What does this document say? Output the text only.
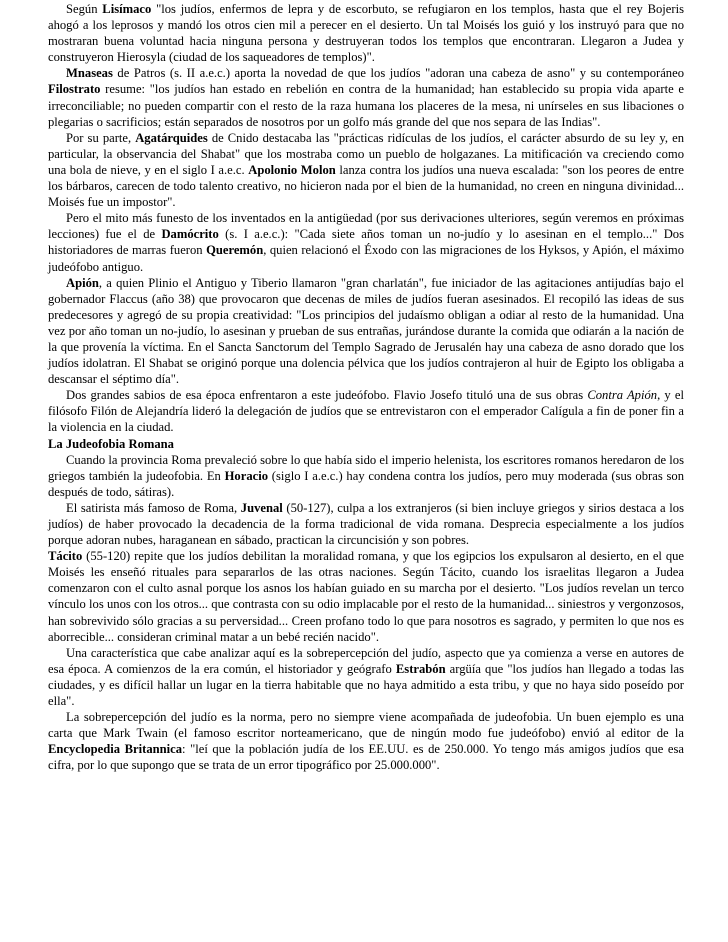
Según Lisímaco "los judíos, enfermos de lepra y de escorbuto, se refugiaron en los templos, hasta que el rey Bojeris ahogó a los leprosos y mandó los otros cien mil a perecer en el desierto. Un tal Moisés los guió y los instruyó para que no mostraran buena voluntad hacia ninguna persona y destruyeran todos los templos que encontraran. Llegaron a Judea y construyeron Hierosyla (ciudad de los saqueadores de templos)".

Mnaseas de Patros (s. II a.e.c.) aporta la novedad de que los judíos "adoran una cabeza de asno" y su contemporáneo Filostrato resume: "los judíos han estado en rebelión en contra de la humanidad; han establecido su propia vida aparte e irreconciliable; no pueden compartir con el resto de la raza humana los placeres de la mesa, ni unírseles en sus libaciones o plegarias o sacrificios; están separados de nosotros por un golfo más grande del que nos separa de las Indias".

Por su parte, Agatárquides de Cnido destacaba las "prácticas ridículas de los judíos, el carácter absurdo de su ley y, en particular, la observancia del Shabat" que los mostraba como un pueblo de holgazanes. La mitificación va creciendo como una bola de nieve, y en el siglo I a.e.c. Apolonio Molon lanza contra los judíos una nueva escalada: "son los peores de entre los bárbaros, carecen de todo talento creativo, no hicieron nada por el bien de la humanidad, no creen en ninguna divinidad... Moisés fue un impostor".

Pero el mito más funesto de los inventados en la antigüedad (por sus derivaciones ulteriores, según veremos en próximas lecciones) fue el de Damócrito (s. I a.e.c.): "Cada siete años toman un no-judío y lo asesinan en el templo..." Dos historiadores de marras fueron Queremón, quien relacionó el Éxodo con las migraciones de los Hyksos, y Apión, el máximo judeófobo antiguo.

Apión, a quien Plinio el Antiguo y Tiberio llamaron "gran charlatán", fue iniciador de las agitaciones antijudías bajo el gobernador Flaccus (año 38) que provocaron que decenas de miles de judíos fueran asesinados. El recopiló las ideas de sus predecesores y agregó de su propia creatividad: "Los principios del judaísmo obligan a odiar al resto de la humanidad. Una vez por año toman un no-judío, lo asesinan y prueban de sus entrañas, jurándose durante la comida que odiarán a la nación de la que provenía la víctima. En el Sancta Sanctorum del Templo Sagrado de Jerusalén hay una cabeza de asno dorado que los judíos idolatran. El Shabat se originó porque una dolencia pélvica que los judíos contrajeron al huir de Egipto los obligaba a descansar el séptimo día".

Dos grandes sabios de esa época enfrentaron a este judeófobo. Flavio Josefo tituló una de sus obras Contra Apión, y el filósofo Filón de Alejandría lideró la delegación de judíos que se entrevistaron con el emperador Calígula a fin de poner fin a la violencia en la ciudad.

La Judeofobia Romana

Cuando la provincia Roma prevaleció sobre lo que había sido el imperio helenista, los escritores romanos heredaron de los griegos también la judeofobia. En Horacio (siglo I a.e.c.) hay condena contra los judíos, pero muy moderada (sus obras son después de todo, sátiras).

El satirista más famoso de Roma, Juvenal (50-127), culpa a los extranjeros (si bien incluye griegos y sirios destaca a los judíos) de haber provocado la decadencia de la forma tradicional de vida romana. Desprecia especialmente a los judíos porque adoran nubes, haraganean en sábado, practican la circuncisión y son pobres.

Tácito (55-120) repite que los judíos debilitan la moralidad romana, y que los egipcios los expulsaron al desierto, en el que Moisés les enseñó rituales para separarlos de las otras naciones. Según Tácito, cuando los israelitas llegaron a Judea comenzaron con el culto asnal porque los asnos los habían guiado en su marcha por el desierto. "Los judíos revelan un terco vínculo los unos con los otros... que contrasta con su odio implacable por el resto de la humanidad... siniestros y vergonzosos, han sobrevivido sólo gracias a su perversidad... Creen profano todo lo que para nosotros es sagrado, y permiten lo que nos es aborrecible... consideran criminal matar a un bebé recién nacido".

Una característica que cabe analizar aquí es la sobrepercepción del judío, aspecto que ya comienza a verse en autores de esa época. A comienzos de la era común, el historiador y geógrafo Estrabón argüía que "los judíos han llegado a todas las ciudades, y es difícil hallar un lugar en la tierra habitable que no haya admitido a esta tribu, y que no haya sido poseído por ella".

La sobrepercepción del judío es la norma, pero no siempre viene acompañada de judeofobia. Un buen ejemplo es una carta que Mark Twain (el famoso escritor norteamericano, que de ningún modo fue judeófobo) envió al editor de la Encyclopedia Britannica: "leí que la población judía de los EE.UU. es de 250.000. Yo tengo más amigos judíos que esa cifra, por lo que supongo que se trata de un error tipográfico por 25.000.000".
